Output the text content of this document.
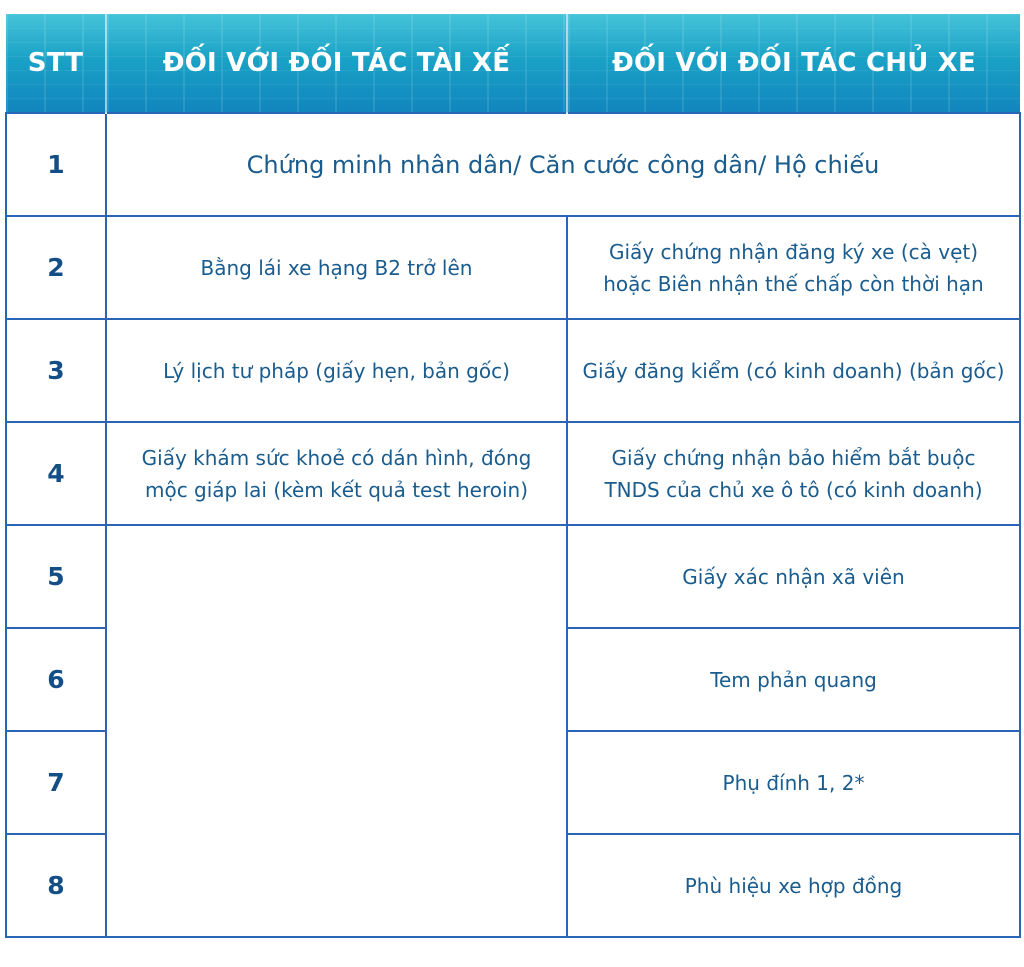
STT	ĐỐI VỚI ĐỐI TÁC TÀI XẾ	ĐỐI VỚI ĐỐI TÁC CHỦ XE
1	Chứng minh nhân dân/ Căn cước công dân/ Hộ chiếu	
2	Bằng lái xe hạng B2 trở lên	Giấy chứng nhận đăng ký xe (cà vẹt) hoặc Biên nhận thế chấp còn thời hạn
3	Lý lịch tư pháp (giấy hẹn, bản gốc)	Giấy đăng kiểm (có kinh doanh) (bản gốc)
4	Giấy khám sức khoẻ có dán hình, đóng mộc giáp lai (kèm kết quả test heroin)	Giấy chứng nhận bảo hiểm bắt buộc TNDS của chủ xe ô tô (có kinh doanh)
5		Giấy xác nhận xã viên
6		Tem phản quang
7		Phụ đính 1, 2*
8		Phù hiệu xe hợp đồng
